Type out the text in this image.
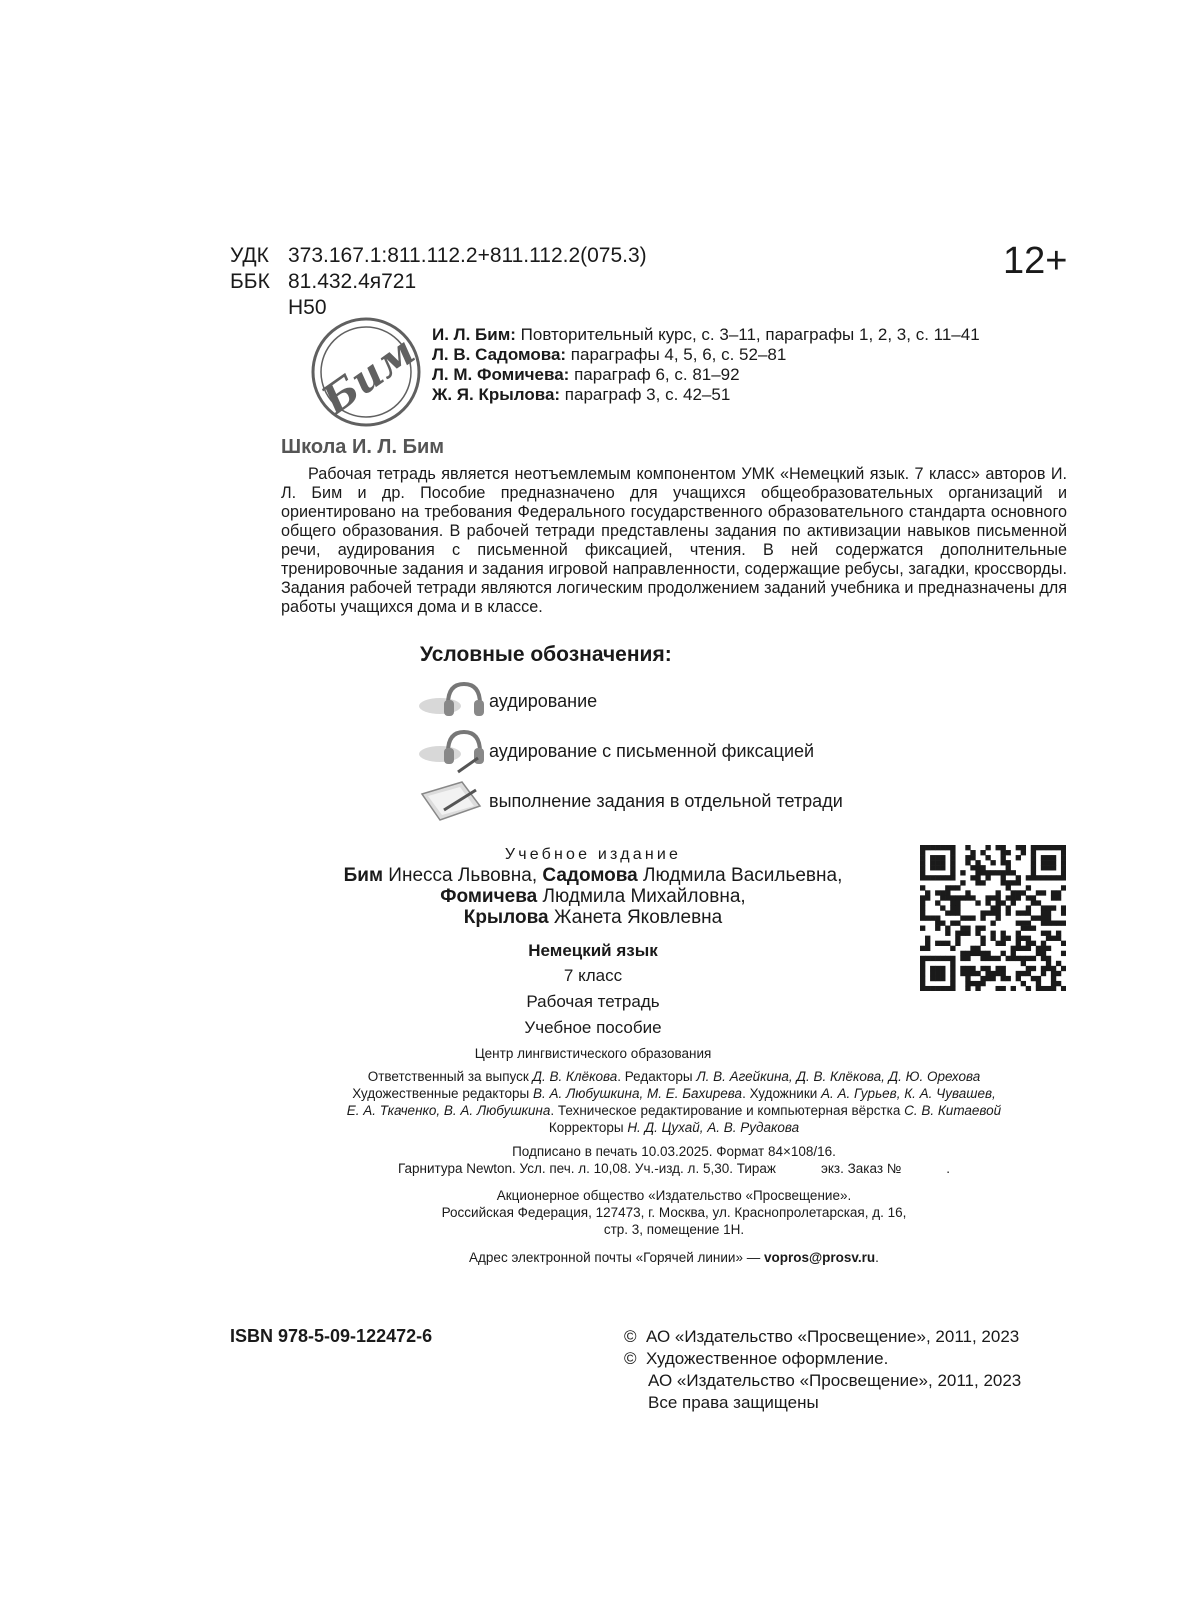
УДК 373.167.1:811.112.2+811.112.2(075.3)
ББК 81.432.4я721
Н50
12+
Бим И. Л. Бим: Повторительный курс, с. 3–11, параграфы 1, 2, 3, с. 11–41
Л. В. Садомова: параграфы 4, 5, 6, с. 52–81
Л. М. Фомичева: параграф 6, с. 81–92
Ж. Я. Крылова: параграф 3, с. 42–51
Школа И. Л. Бим
Рабочая тетрадь является неотъемлемым компонентом УМК «Немецкий язык. 7 класс» авторов И. Л. Бим и др. Пособие предназначено для учащихся общеобразовательных организаций и ориентировано на требования Федерального государственного образовательного стандарта основного общего образования. В рабочей тетради представлены задания по активизации навыков письменной речи, аудирования с письменной фиксацией, чтения. В ней содержатся дополнительные тренировочные задания и задания игровой направленности, содержащие ребусы, загадки, кроссворды. Задания рабочей тетради являются логическим продолжением заданий учебника и предназначены для работы учащихся дома и в классе.
Условные обозначения:
аудирование
аудирование с письменной фиксацией
выполнение задания в отдельной тетради
Учебное издание
Бим Инесса Львовна, Садомова Людмила Васильевна,
Фомичева Людмила Михайловна,
Крылова Жанета Яковлевна
Немецкий язык
7 класс
Рабочая тетрадь
Учебное пособие
Центр лингвистического образования
Ответственный за выпуск Д. В. Клёкова. Редакторы Л. В. Агейкина, Д. В. Клёкова, Д. Ю. Орехова
Художественные редакторы В. А. Любушкина, М. Е. Бахирева. Художники А. А. Гурьев, К. А. Чувашев,
Е. А. Ткаченко, В. А. Любушкина. Техническое редактирование и компьютерная вёрстка С. В. Китаевой
Корректоры Н. Д. Цухай, А. В. Рудакова
Подписано в печать 10.03.2025. Формат 84×108/16.
Гарнитура Newton. Усл. печ. л. 10,08. Уч.-изд. л. 5,30. Тираж            экз. Заказ №            .
Акционерное общество «Издательство «Просвещение».
Российская Федерация, 127473, г. Москва, ул. Краснопролетарская, д. 16,
стр. 3, помещение 1Н.
Адрес электронной почты «Горячей линии» — vopros@prosv.ru.
ISBN 978-5-09-122472-6	©  АО «Издательство «Просвещение», 2011, 2023
©  Художественное оформление.
АО «Издательство «Просвещение», 2011, 2023
Все права защищены
